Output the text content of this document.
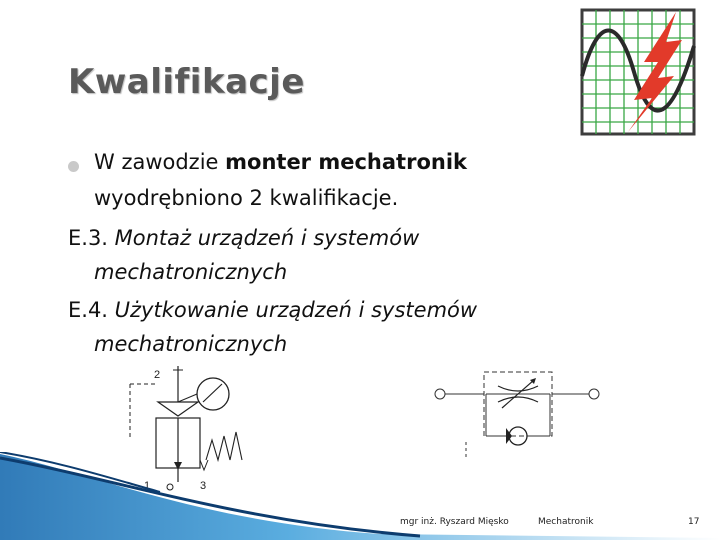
Kwalifikacje
W zawodzie monter mechatronik
wyodrębniono 2 kwalifikacje.
E.3. Montaż urządzeń i systemów
mechatronicznych
E.4. Użytkowanie urządzeń i systemów
mechatronicznych
2
1	3
mgr inż. Ryszard Mięsko	Mechatronik	17
